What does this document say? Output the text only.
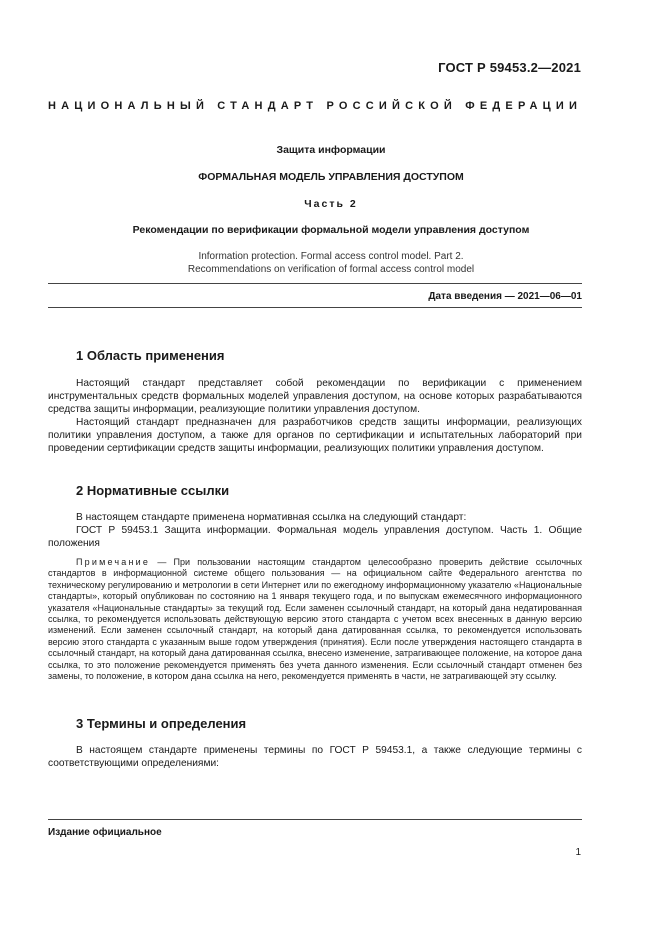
ГОСТ Р 59453.2—2021
НАЦИОНАЛЬНЫЙ СТАНДАРТ РОССИЙСКОЙ ФЕДЕРАЦИИ
Защита информации
ФОРМАЛЬНАЯ МОДЕЛЬ УПРАВЛЕНИЯ ДОСТУПОМ
Часть 2
Рекомендации по верификации формальной модели управления доступом
Information protection. Formal access control model. Part 2.
Recommendations on verification of formal access control model
Дата введения — 2021—06—01
1 Область применения

Настоящий стандарт представляет собой рекомендации по верификации с применением инструментальных средств формальных моделей управления доступом, на основе которых разрабатываются средства защиты информации, реализующие политики управления доступом.

Настоящий стандарт предназначен для разработчиков средств защиты информации, реализующих политики управления доступом, а также для органов по сертификации и испытательных лабораторий при проведении сертификации средств защиты информации, реализующих политики управления доступом.

2 Нормативные ссылки

В настоящем стандарте применена нормативная ссылка на следующий стандарт:

ГОСТ Р 59453.1 Защита информации. Формальная модель управления доступом. Часть 1. Общие положения

Примечание — При пользовании настоящим стандартом целесообразно проверить действие ссылочных стандартов в информационной системе общего пользования — на официальном сайте Федерального агентства по техническому регулированию и метрологии в сети Интернет или по ежегодному информационному указателю «Национальные стандарты», который опубликован по состоянию на 1 января текущего года, и по выпускам ежемесячного информационного указателя «Национальные стандарты» за текущий год. Если заменен ссылочный стандарт, на который дана недатированная ссылка, то рекомендуется использовать действующую версию этого стандарта с учетом всех внесенных в данную версию изменений. Если заменен ссылочный стандарт, на который дана датированная ссылка, то рекомендуется использовать версию этого стандарта с указанным выше годом утверждения (принятия). Если после утверждения настоящего стандарта в ссылочный стандарт, на который дана датированная ссылка, внесено изменение, затрагивающее положение, на которое дана ссылка, то это положение рекомендуется применять без учета данного изменения. Если ссылочный стандарт отменен без замены, то положение, в котором дана ссылка на него, рекомендуется применять в части, не затрагивающей эту ссылку.

3 Термины и определения

В настоящем стандарте применены термины по ГОСТ Р 59453.1, а также следующие термины с соответствующими определениями:

Издание официальное
1
